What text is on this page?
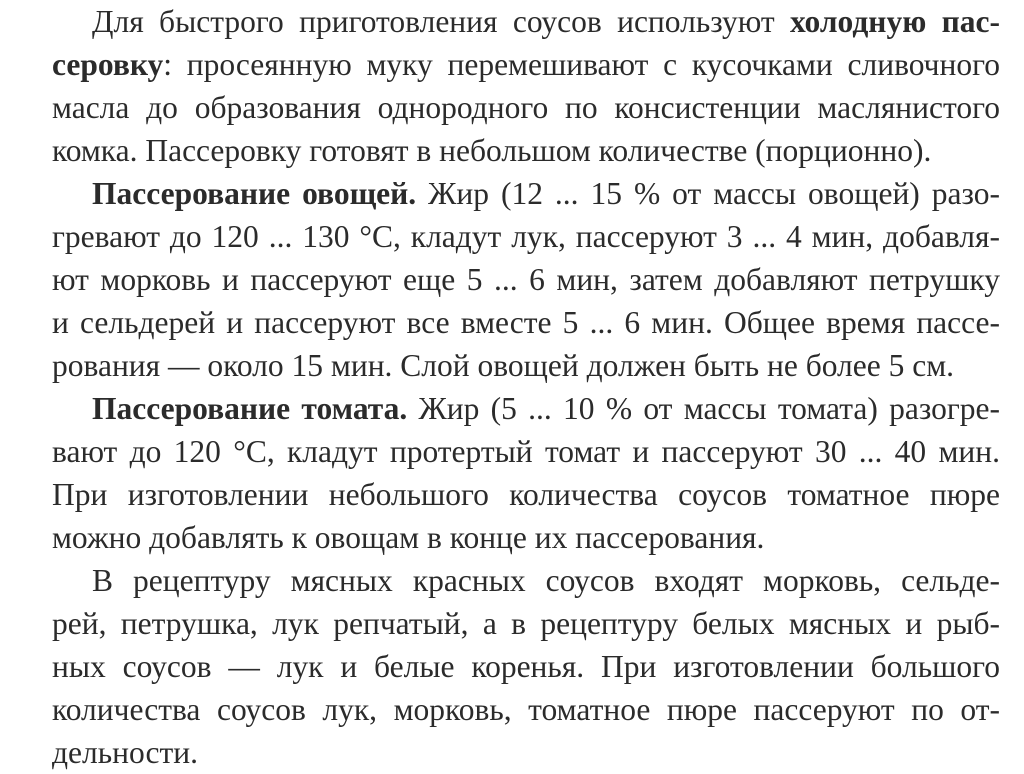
Для быстрого приготовления соусов используют холодную пас-
серовку: просеянную муку перемешивают с кусочками сливочного
масла до образования однородного по консистенции маслянистого
комка. Пассеровку готовят в небольшом количестве (порционно).
Пассерование овощей. Жир (12 ... 15 % от массы овощей) разо-
гревают до 120 ... 130 °С, кладут лук, пассеруют 3 ... 4 мин, добавля-
ют морковь и пассеруют еще 5 ... 6 мин, затем добавляют петрушку
и сельдерей и пассеруют все вместе 5 ... 6 мин. Общее время пассе-
рования — около 15 мин. Слой овощей должен быть не более 5 см.
Пассерование томата. Жир (5 ... 10 % от массы томата) разогре-
вают до 120 °С, кладут протертый томат и пассеруют 30 ... 40 мин.
При изготовлении небольшого количества соусов томатное пюре
можно добавлять к овощам в конце их пассерования.
В рецептуру мясных красных соусов входят морковь, сельде-
рей, петрушка, лук репчатый, а в рецептуру белых мясных и рыб-
ных соусов — лук и белые коренья. При изготовлении большого
количества соусов лук, морковь, томатное пюре пассеруют по от-
дельности.
